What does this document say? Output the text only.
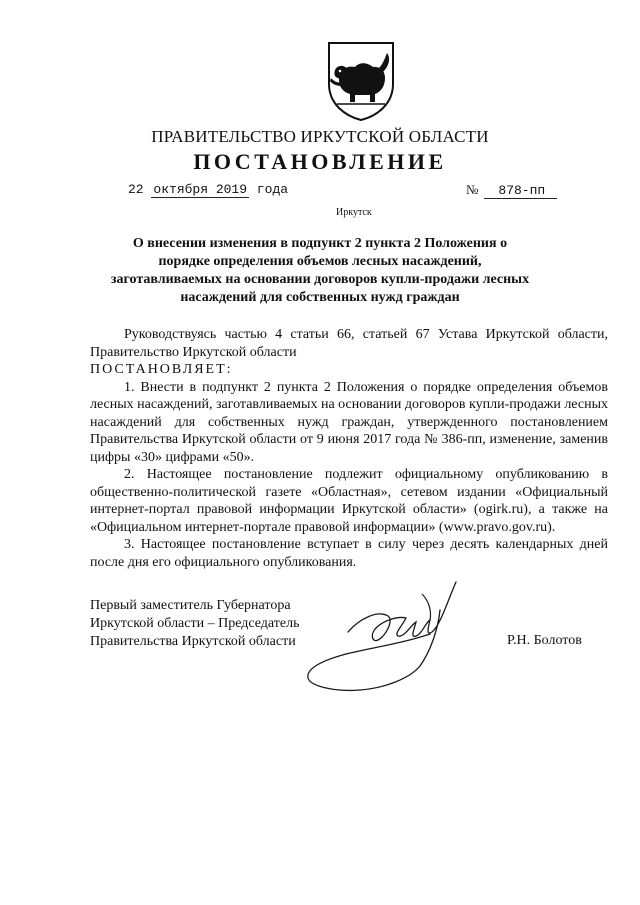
ПРАВИТЕЛЬСТВО ИРКУТСКОЙ ОБЛАСТИ
ПОСТАНОВЛЕНИЕ
22 октября 2019 года	№ 878-пп
Иркутск
О внесении изменения в подпункт 2 пункта 2 Положения о порядке определения объемов лесных насаждений, заготавливаемых на основании договоров купли-продажи лесных насаждений для собственных нужд граждан

Руководствуясь частью 4 статьи 66, статьей 67 Устава Иркутской области, Правительство Иркутской области

ПОСТАНОВЛЯЕТ:

1. Внести в подпункт 2 пункта 2 Положения о порядке определения объемов лесных насаждений, заготавливаемых на основании договоров купли-продажи лесных насаждений для собственных нужд граждан, утвержденного постановлением Правительства Иркутской области от 9 июня 2017 года № 386-пп, изменение, заменив цифры «30» цифрами «50».

2. Настоящее постановление подлежит официальному опубликованию в общественно-политической газете «Областная», сетевом издании «Официальный интернет-портал правовой информации Иркутской области» (ogirk.ru), а также на «Официальном интернет-портале правовой информации» (www.pravo.gov.ru).

3. Настоящее постановление вступает в силу через десять календарных дней после дня его официального опубликования.

Первый заместитель Губернатора
Иркутской области – Председатель
Правительства Иркутской области	Р.Н. Болотов
